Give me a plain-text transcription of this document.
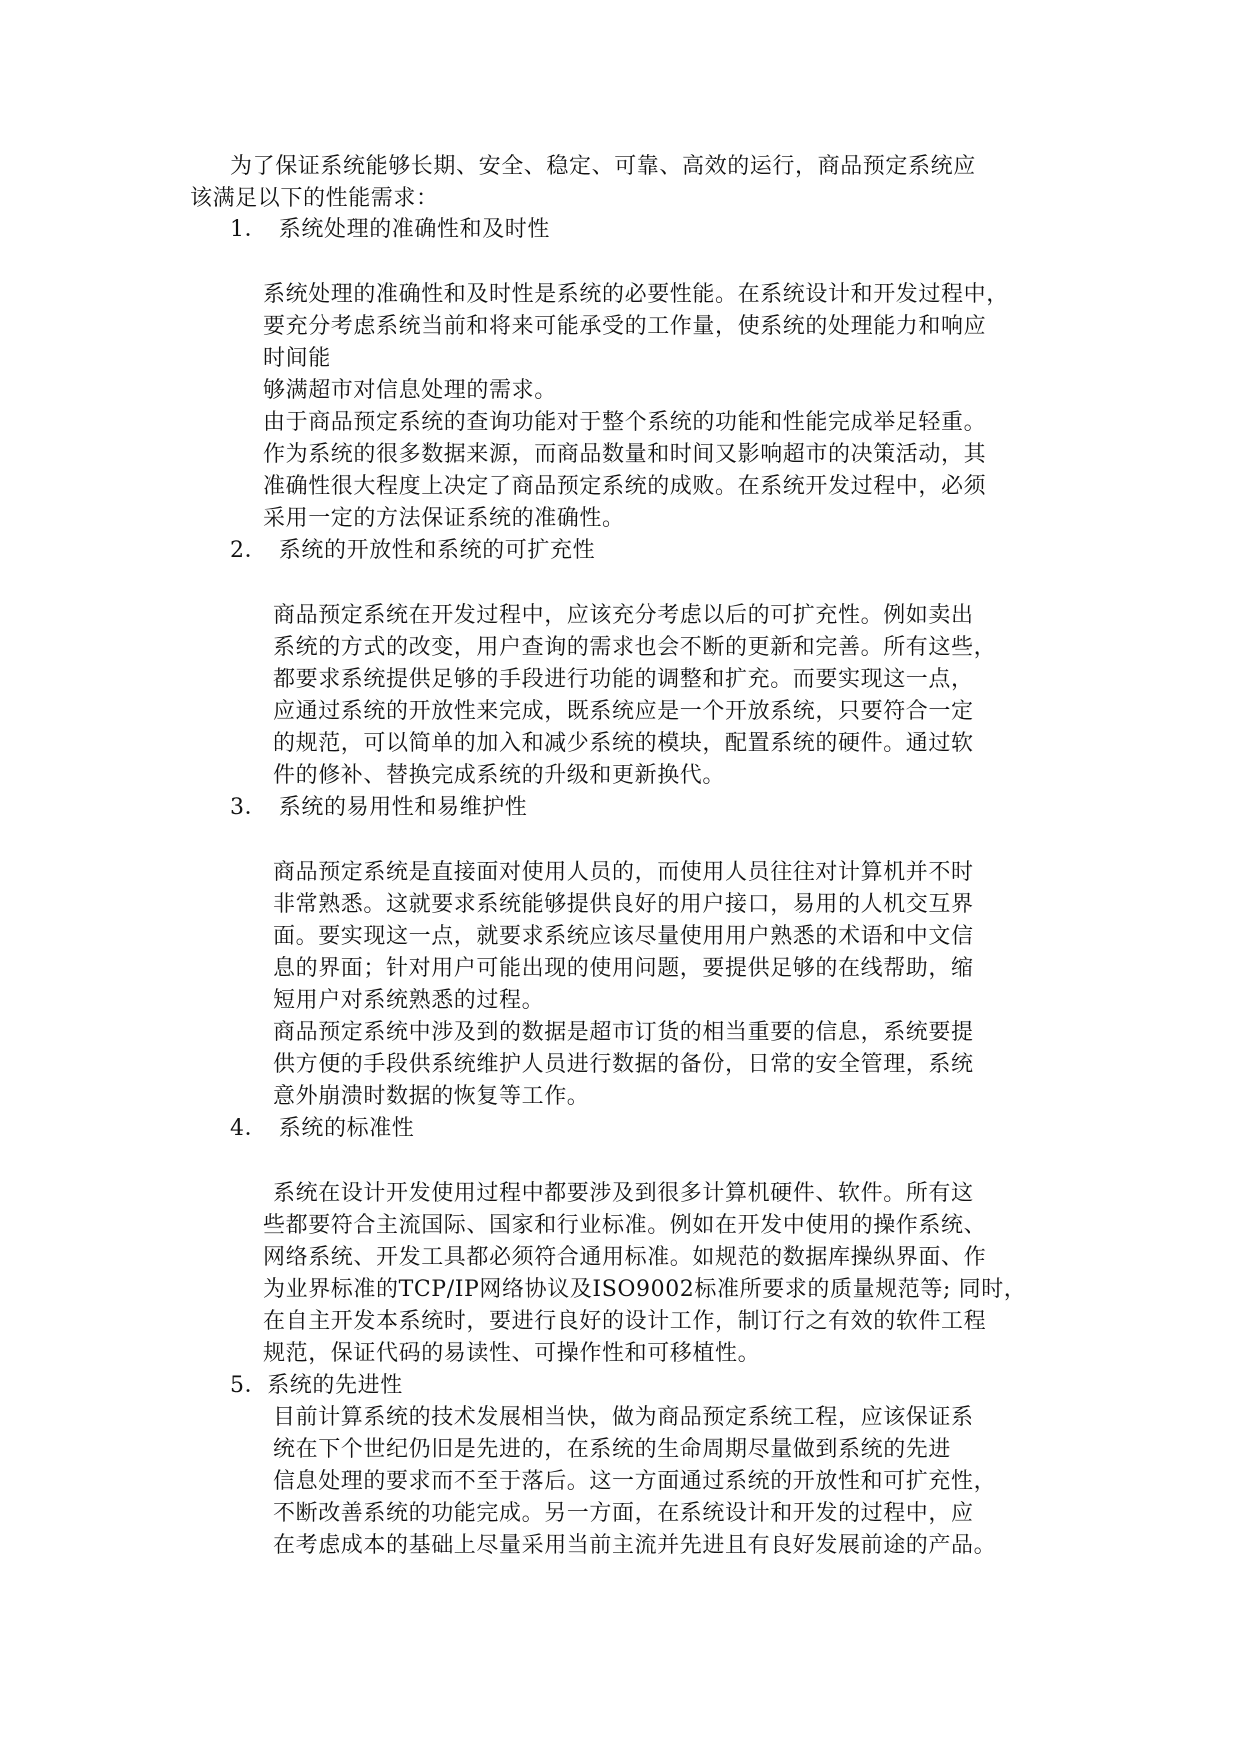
为了保证系统能够长期、安全、稳定、可靠、高效的运行，商品预定系统应
该满足以下的性能需求：
1．　系统处理的准确性和及时性
系统处理的准确性和及时性是系统的必要性能。在系统设计和开发过程中，
要充分考虑系统当前和将来可能承受的工作量，使系统的处理能力和响应
时间能
够满超市对信息处理的需求。
由于商品预定系统的查询功能对于整个系统的功能和性能完成举足轻重。
作为系统的很多数据来源，而商品数量和时间又影响超市的决策活动，其
准确性很大程度上决定了商品预定系统的成败。在系统开发过程中，必须
采用一定的方法保证系统的准确性。
2．　系统的开放性和系统的可扩充性
商品预定系统在开发过程中，应该充分考虑以后的可扩充性。例如卖出
系统的方式的改变，用户查询的需求也会不断的更新和完善。所有这些，
都要求系统提供足够的手段进行功能的调整和扩充。而要实现这一点，
应通过系统的开放性来完成，既系统应是一个开放系统，只要符合一定
的规范，可以简单的加入和减少系统的模块，配置系统的硬件。通过软
件的修补、替换完成系统的升级和更新换代。
3．　系统的易用性和易维护性
商品预定系统是直接面对使用人员的，而使用人员往往对计算机并不时
非常熟悉。这就要求系统能够提供良好的用户接口，易用的人机交互界
面。要实现这一点，就要求系统应该尽量使用用户熟悉的术语和中文信
息的界面；针对用户可能出现的使用问题，要提供足够的在线帮助，缩
短用户对系统熟悉的过程。
商品预定系统中涉及到的数据是超市订货的相当重要的信息，系统要提
供方便的手段供系统维护人员进行数据的备份，日常的安全管理，系统
意外崩溃时数据的恢复等工作。
4．　系统的标准性
系统在设计开发使用过程中都要涉及到很多计算机硬件、软件。所有这
些都要符合主流国际、国家和行业标准。例如在开发中使用的操作系统、
网络系统、开发工具都必须符合通用标准。如规范的数据库操纵界面、作
为业界标准的TCP/IP网络协议及ISO9002标准所要求的质量规范等; 同时，
在自主开发本系统时，要进行良好的设计工作，制订行之有效的软件工程
规范，保证代码的易读性、可操作性和可移植性。
5．系统的先进性
目前计算系统的技术发展相当快，做为商品预定系统工程，应该保证系
统在下个世纪仍旧是先进的，在系统的生命周期尽量做到系统的先进
信息处理的要求而不至于落后。这一方面通过系统的开放性和可扩充性，
不断改善系统的功能完成。另一方面，在系统设计和开发的过程中，应
在考虑成本的基础上尽量采用当前主流并先进且有良好发展前途的产品。
